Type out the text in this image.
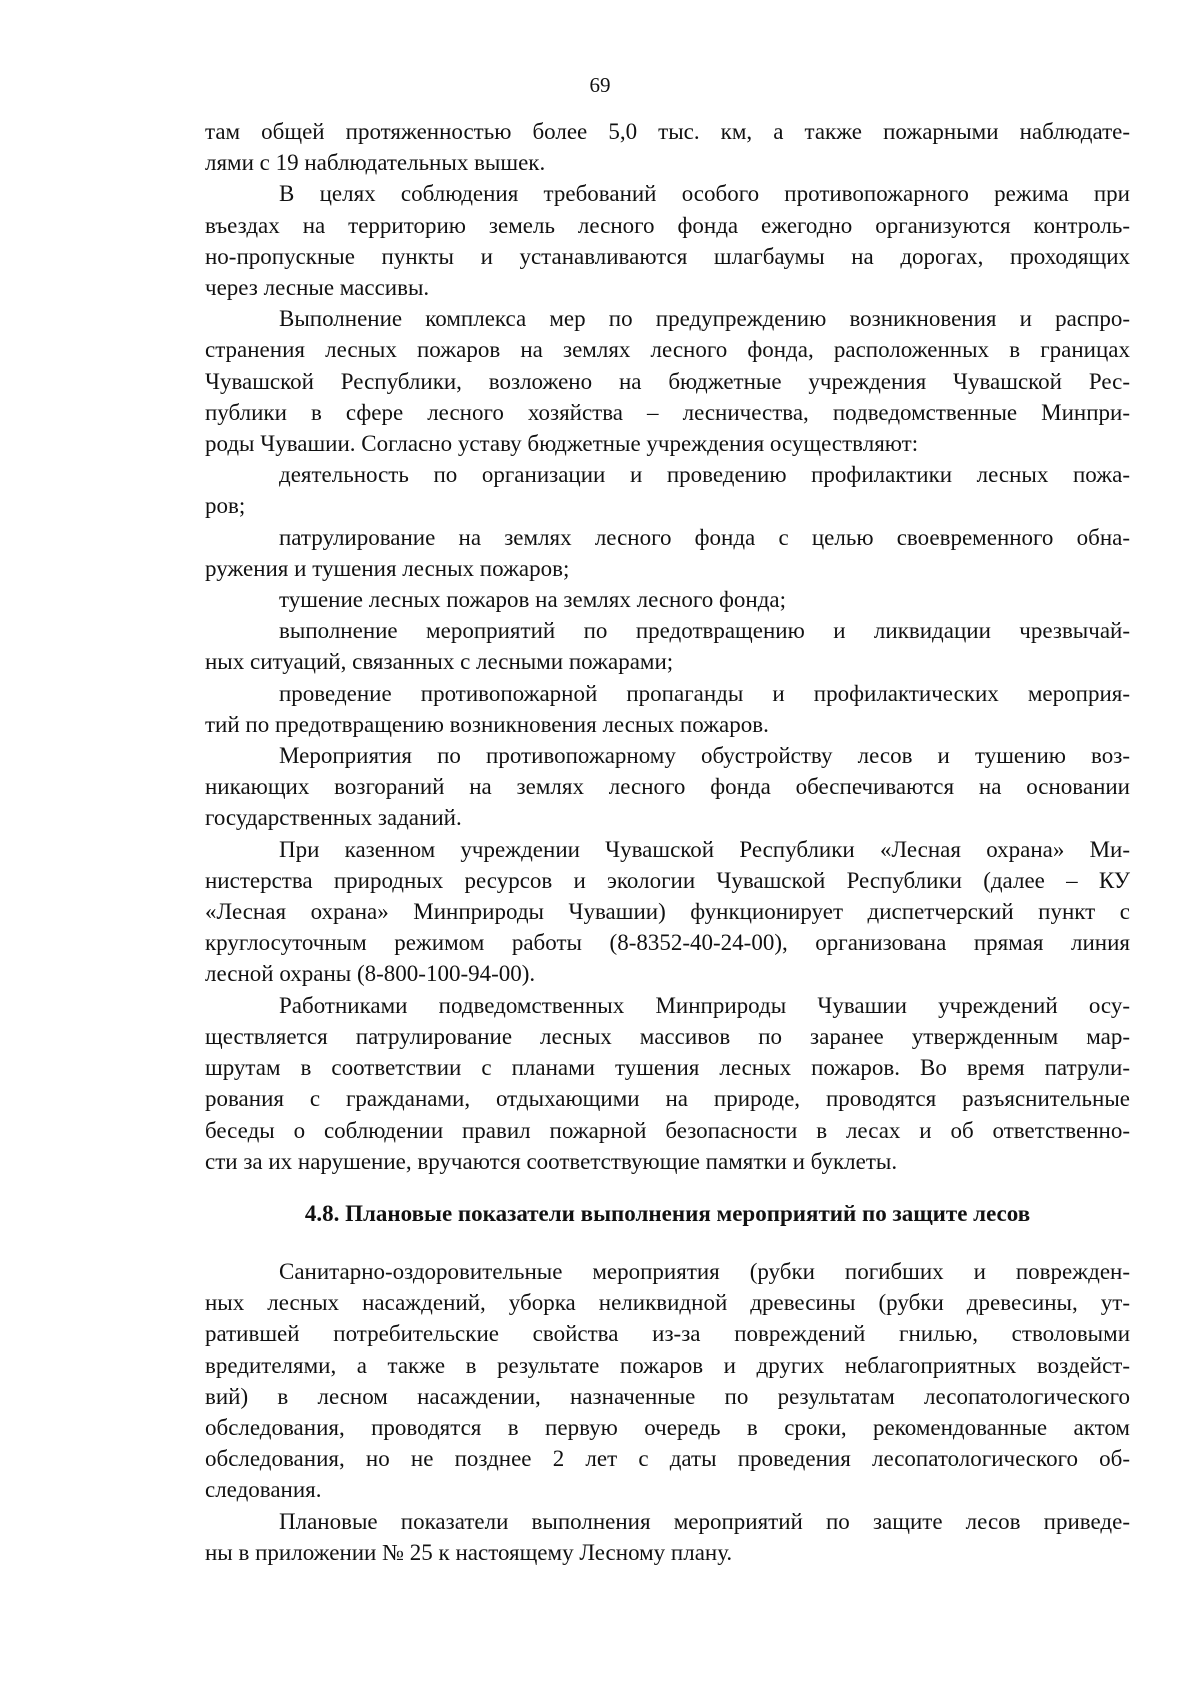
69

там общей протяженностью более 5,0 тыс. км, а также пожарными наблюдате-
лями с 19 наблюдательных вышек.

В целях соблюдения требований особого противопожарного режима при
въездах на территорию земель лесного фонда ежегодно организуются контроль-
но-пропускные пункты и устанавливаются шлагбаумы на дорогах, проходящих
через лесные массивы.

Выполнение комплекса мер по предупреждению возникновения и распро-
странения лесных пожаров на землях лесного фонда, расположенных в границах
Чувашской Республики, возложено на бюджетные учреждения Чувашской Рес-
публики в сфере лесного хозяйства – лесничества, подведомственные Минпри-
роды Чувашии. Согласно уставу бюджетные учреждения осуществляют:

деятельность по организации и проведению профилактики лесных пожа-
ров;

патрулирование на землях лесного фонда с целью своевременного обна-
ружения и тушения лесных пожаров;

тушение лесных пожаров на землях лесного фонда;

выполнение мероприятий по предотвращению и ликвидации чрезвычай-
ных ситуаций, связанных с лесными пожарами;

проведение противопожарной пропаганды и профилактических мероприя-
тий по предотвращению возникновения лесных пожаров.

Мероприятия по противопожарному обустройству лесов и тушению воз-
никающих возгораний на землях лесного фонда обеспечиваются на основании
государственных заданий.

При казенном учреждении Чувашской Республики «Лесная охрана» Ми-
нистерства природных ресурсов и экологии Чувашской Республики (далее – КУ
«Лесная охрана» Минприроды Чувашии) функционирует диспетчерский пункт с
круглосуточным режимом работы (8-8352-40-24-00), организована прямая линия
лесной охраны (8-800-100-94-00).

Работниками подведомственных Минприроды Чувашии учреждений осу-
ществляется патрулирование лесных массивов по заранее утвержденным мар-
шрутам в соответствии с планами тушения лесных пожаров. Во время патрули-
рования с гражданами, отдыхающими на природе, проводятся разъяснительные
беседы о соблюдении правил пожарной безопасности в лесах и об ответственно-
сти за их нарушение, вручаются соответствующие памятки и буклеты.

4.8. Плановые показатели выполнения мероприятий по защите лесов

Санитарно-оздоровительные мероприятия (рубки погибших и поврежден-
ных лесных насаждений, уборка неликвидной древесины (рубки древесины, ут-
ратившей потребительские свойства из-за повреждений гнилью, стволовыми
вредителями, а также в результате пожаров и других неблагоприятных воздейст-
вий) в лесном насаждении, назначенные по результатам лесопатологического
обследования, проводятся в первую очередь в сроки, рекомендованные актом
обследования, но не позднее 2 лет с даты проведения лесопатологического об-
следования.

Плановые показатели выполнения мероприятий по защите лесов приведе-
ны в приложении № 25 к настоящему Лесному плану.
